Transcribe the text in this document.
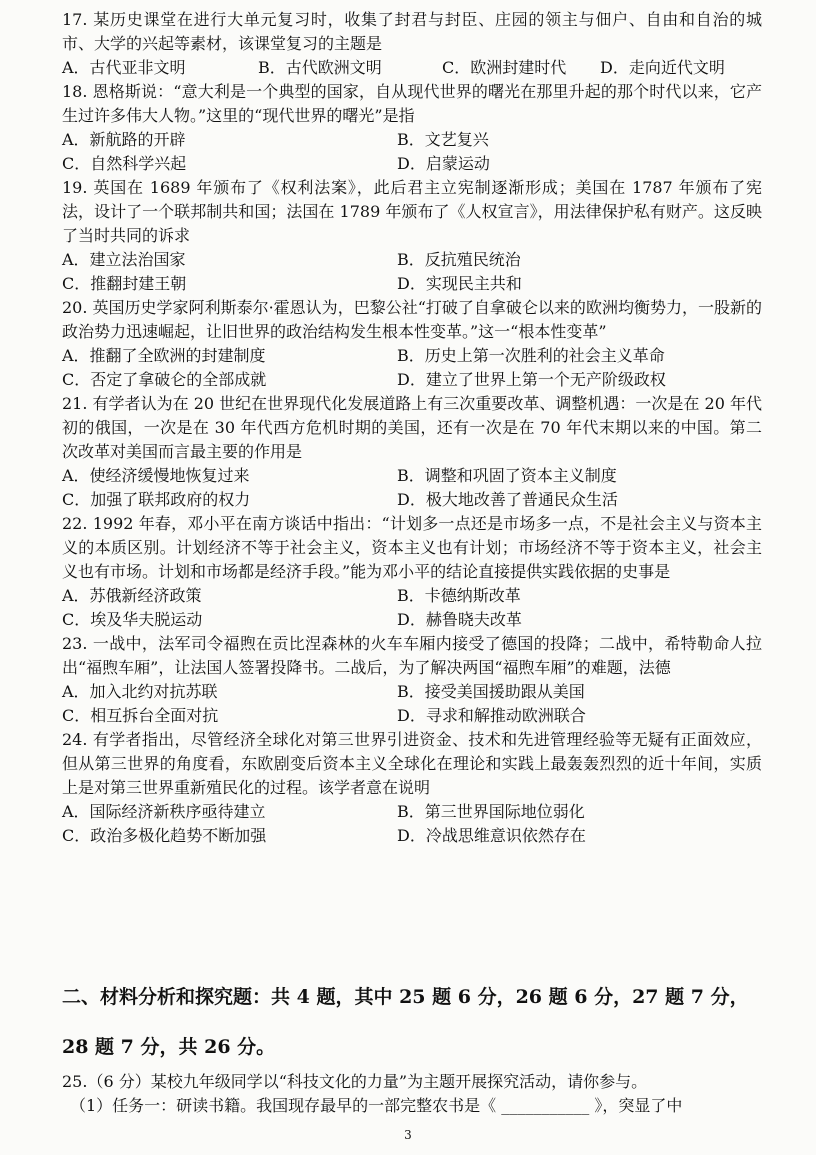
17. 某历史课堂在进行大单元复习时，收集了封君与封臣、庄园的领主与佃户、自由和自治的城市、大学的兴起等素材，该课堂复习的主题是

A．古代亚非文明	B．古代欧洲文明	C．欧洲封建时代	D．走向近代文明

18. 恩格斯说：“意大利是一个典型的国家，自从现代世界的曙光在那里升起的那个时代以来，它产生过许多伟大人物。”这里的“现代世界的曙光”是指

A．新航路的开辟	B．文艺复兴
C．自然科学兴起	D．启蒙运动

19. 英国在 1689 年颁布了《权利法案》，此后君主立宪制逐渐形成；美国在 1787 年颁布了宪法，设计了一个联邦制共和国；法国在 1789 年颁布了《人权宣言》，用法律保护私有财产。这反映了当时共同的诉求

A．建立法治国家	B．反抗殖民统治
C．推翻封建王朝	D．实现民主共和

20. 英国历史学家阿利斯泰尔·霍恩认为，巴黎公社“打破了自拿破仑以来的欧洲均衡势力，一股新的政治势力迅速崛起，让旧世界的政治结构发生根本性变革。”这一“根本性变革”

A．推翻了全欧洲的封建制度	B．历史上第一次胜利的社会主义革命
C．否定了拿破仑的全部成就	D．建立了世界上第一个无产阶级政权

21. 有学者认为在 20 世纪在世界现代化发展道路上有三次重要改革、调整机遇：一次是在 20 年代初的俄国，一次是在 30 年代西方危机时期的美国，还有一次是在 70 年代末期以来的中国。第二次改革对美国而言最主要的作用是

A．使经济缓慢地恢复过来	B．调整和巩固了资本主义制度
C．加强了联邦政府的权力	D．极大地改善了普通民众生活

22. 1992 年春，邓小平在南方谈话中指出：“计划多一点还是市场多一点，不是社会主义与资本主义的本质区别。计划经济不等于社会主义，资本主义也有计划；市场经济不等于资本主义，社会主义也有市场。计划和市场都是经济手段。”能为邓小平的结论直接提供实践依据的史事是

A．苏俄新经济政策	B．卡德纳斯改革
C．埃及华夫脱运动	D．赫鲁晓夫改革

23. 一战中，法军司令福煦在贡比涅森林的火车车厢内接受了德国的投降；二战中，希特勒命人拉出“福煦车厢”，让法国人签署投降书。二战后，为了解决两国“福煦车厢”的难题，法德

A．加入北约对抗苏联	B．接受美国援助跟从美国
C．相互拆台全面对抗	D．寻求和解推动欧洲联合

24. 有学者指出，尽管经济全球化对第三世界引进资金、技术和先进管理经验等无疑有正面效应，但从第三世界的角度看，东欧剧变后资本主义全球化在理论和实践上最轰轰烈烈的近十年间，实质上是对第三世界重新殖民化的过程。该学者意在说明

A．国际经济新秩序亟待建立	B．第三世界国际地位弱化
C．政治多极化趋势不断加强	D．冷战思维意识依然存在

二、材料分析和探究题：共 4 题，其中 25 题 6 分，26 题 6 分，27 题 7 分，

28 题 7 分，共 26 分。

25.（6 分）某校九年级同学以“科技文化的力量”为主题开展探究活动，请你参与。

（1）任务一：研读书籍。我国现存最早的一部完整农书是《 ___________ 》，突显了中

3
